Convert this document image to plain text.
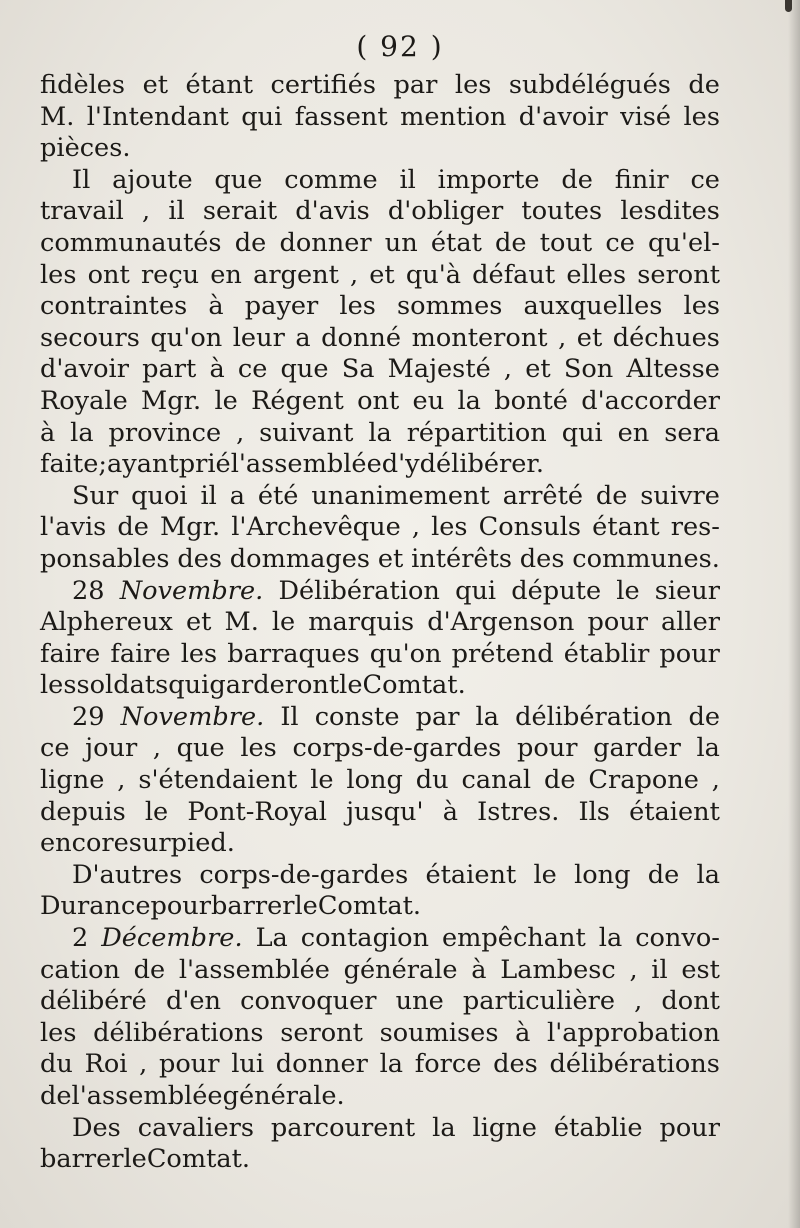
( 92 )
fidèles et étant certifiés par les subdélégués de
M. l'Intendant qui fassent mention d'avoir visé les
pièces.
Il ajoute que comme il importe de finir ce
travail , il serait d'avis d'obliger toutes lesdites
communautés de donner un état de tout ce qu'el-
les ont reçu en argent , et qu'à défaut elles seront
contraintes à payer les sommes auxquelles les
secours qu'on leur a donné monteront , et déchues
d'avoir part à ce que Sa Majesté , et Son Altesse
Royale Mgr. le Régent ont eu la bonté d'accorder
à la province , suivant la répartition qui en sera
faite ; ayant prié l'assemblée d'y délibérer.
Sur quoi il a été unanimement arrêté de suivre
l'avis de Mgr. l'Archevêque , les Consuls étant res-
ponsables des dommages et intérêts des communes.
28 Novembre. Délibération qui députe le sieur
Alphereux et M. le marquis d'Argenson pour aller
faire faire les barraques qu'on prétend établir pour
les soldats qui garderont le Comtat.
29 Novembre. Il conste par la délibération de
ce jour , que les corps-de-gardes pour garder la
ligne , s'étendaient le long du canal de Crapone ,
depuis le Pont-Royal jusqu' à Istres. Ils étaient
encore sur pied.
D'autres corps-de-gardes étaient le long de la
Durance pour barrer le Comtat.
2 Décembre. La contagion empêchant la convo-
cation de l'assemblée générale à Lambesc , il est
délibéré d'en convoquer une particulière , dont
les délibérations seront soumises à l'approbation
du Roi , pour lui donner la force des délibérations
de l'assemblée générale.
Des cavaliers parcourent la ligne établie pour
barrer le Comtat.
